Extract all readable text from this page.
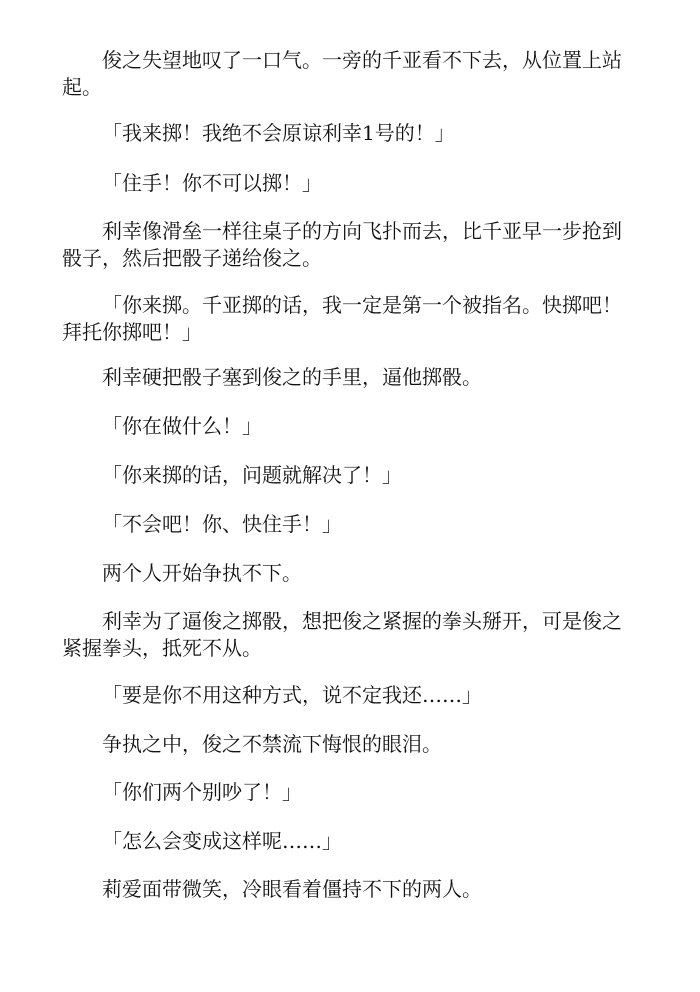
俊之失望地叹了一口气。一旁的千亚看不下去，从位置上站起。

「我来掷！我绝不会原谅利幸1号的！」

「住手！你不可以掷！」

利幸像滑垒一样往桌子的方向飞扑而去，比千亚早一步抢到骰子，然后把骰子递给俊之。

「你来掷。千亚掷的话，我一定是第一个被指名。快掷吧！拜托你掷吧！」

利幸硬把骰子塞到俊之的手里，逼他掷骰。

「你在做什么！」

「你来掷的话，问题就解决了！」

「不会吧！你、快住手！」

两个人开始争执不下。

利幸为了逼俊之掷骰，想把俊之紧握的拳头掰开，可是俊之紧握拳头，抵死不从。

「要是你不用这种方式，说不定我还……」

争执之中，俊之不禁流下悔恨的眼泪。

「你们两个别吵了！」

「怎么会变成这样呢……」

莉爱面带微笑，冷眼看着僵持不下的两人。
